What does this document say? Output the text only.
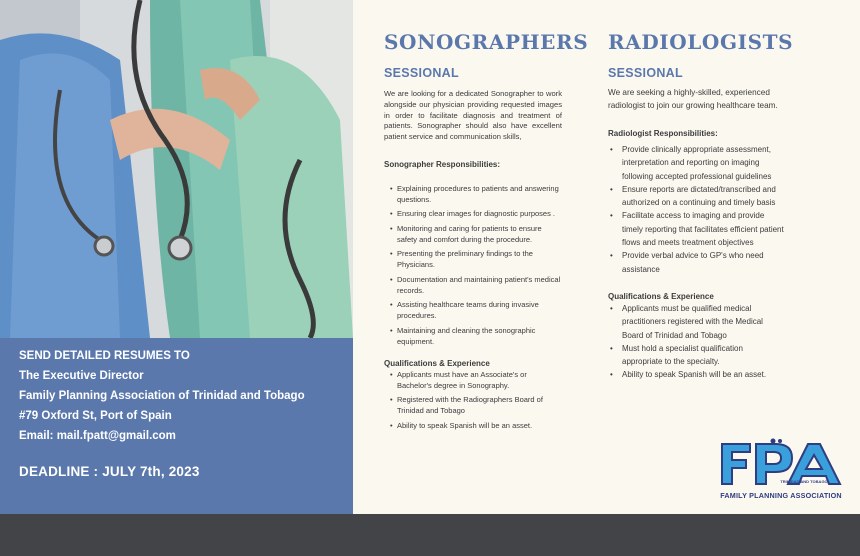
SEND DETAILED RESUMES TO
The Executive Director
Family Planning Association of Trinidad and Tobago
#79 Oxford St, Port of Spain
Email: mail.fpatt@gmail.com
DEADLINE : JULY 7th, 2023
SONOGRAPHERS
SESSIONAL

We are looking for a dedicated Sonographer to work alongside our physician providing requested images in order to facilitate diagnosis and treatment of patients. Sonographer should also have excellent patient service and communication skills,

Sonographer Responsibilities:
• Explaining procedures to patients and answering questions.
• Ensuring clear images for diagnostic purposes .
• Monitoring and caring for patients to ensure safety and comfort during the procedure.
• Presenting the preliminary findings to the Physicians.
• Documentation and maintaining patient's medical records.
• Assisting healthcare teams during invasive procedures.
• Maintaining and cleaning the sonographic equipment.
Qualifications & Experience
• Applicants must have an Associate's or Bachelor's degree in Sonography.
• Registered with the Radiographers Board of Trinidad and Tobago
• Ability to speak Spanish will be an asset.
RADIOLOGISTS
SESSIONAL

We are seeking a highly-skilled, experienced radiologist to join our growing healthcare team.

Radiologist Responsibilities:
• Provide clinically appropriate assessment, interpretation and reporting on imaging following accepted professional guidelines
• Ensure reports are dictated/transcribed and authorized on a continuing and timely basis
• Facilitate access to imaging and provide timely reporting that facilitates efficient patient flows and meets treatment objectives
• Provide verbal advice to GP's who need assistance
Qualifications & Experience
• Applicants must be qualified medical practitioners registered with the Medical Board of Trinidad and Tobago
• Must hold a specialist qualification appropriate to the specialty.
• Ability to speak Spanish will be an asset.
TRINIDAD AND TOBAGO
FAMILY PLANNING ASSOCIATION
